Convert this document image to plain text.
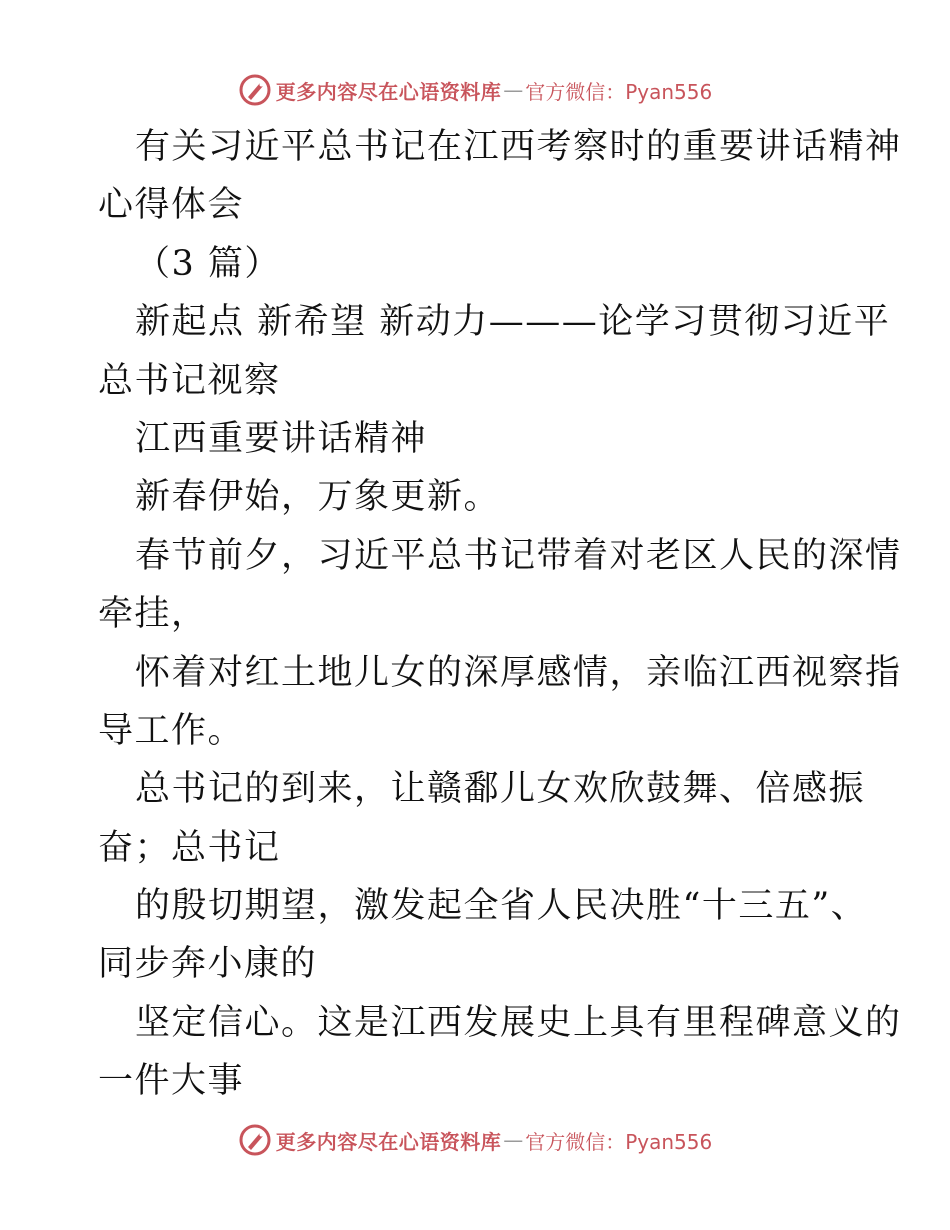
更多内容尽在心语资料库 — 官方微信：Pyan556
有关习近平总书记在江西考察时的重要讲话精神
心得体会
（3 篇）
新起点 新希望 新动力———论学习贯彻习近平
总书记视察
江西重要讲话精神
新春伊始，万象更新。
春节前夕，习近平总书记带着对老区人民的深情
牵挂，
怀着对红土地儿女的深厚感情，亲临江西视察指
导工作。
总书记的到来，让赣鄱儿女欢欣鼓舞、倍感振
奋；总书记
的殷切期望，激发起全省人民决胜“十三五”、
同步奔小康的
坚定信心。这是江西发展史上具有里程碑意义的
一件大事
更多内容尽在心语资料库 — 官方微信：Pyan556
